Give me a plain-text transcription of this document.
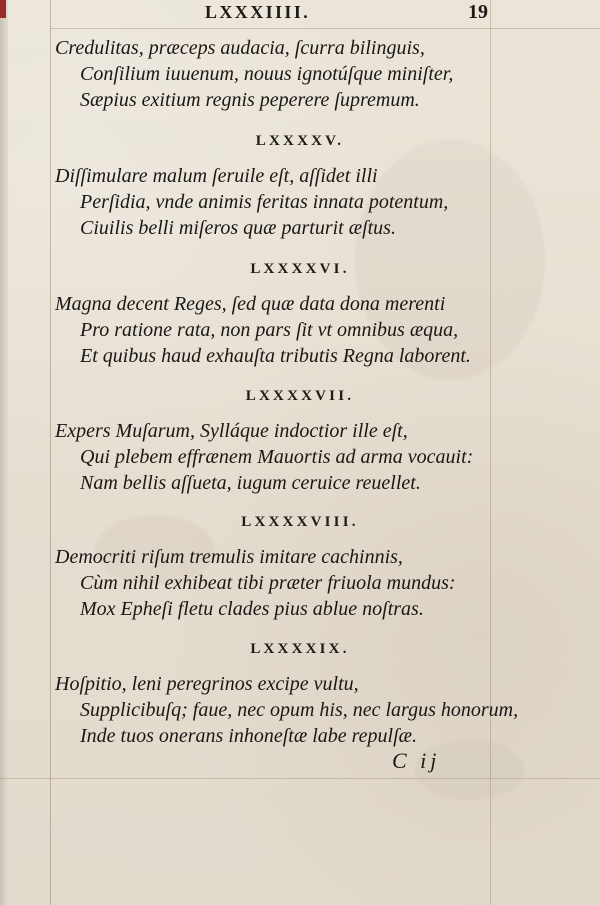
LXXXIIII.	19
Credulitas, præceps audacia, ſcurra bilinguis,
Conſilium iuuenum, nouus ignotúſque miniſter,
Sæpius exitium regnis peperere ſupremum.
LXXXXV.
Diſſimulare malum ſeruile eſt, aſſidet illi
Perſidia, vnde animis feritas innata potentum,
Ciuilis belli miſeros quæ parturit æſtus.
LXXXXVI.
Magna decent Reges, ſed quæ data dona merenti
Pro ratione rata, non pars ſit vt omnibus æqua,
Et quibus haud exhauſta tributis Regna laborent.
LXXXXVII.
Expers Muſarum, Sylláque indoctior ille eſt,
Qui plebem effrænem Mauortis ad arma vocauit:
Nam bellis aſſueta, iugum ceruice reuellet.
LXXXXVIII.
Democriti riſum tremulis imitare cachinnis,
Cùm nihil exhibeat tibi præter friuola mundus:
Mox Epheſi fletu clades pius ablue noſtras.
LXXXXIX.
Hoſpitio, leni peregrinos excipe vultu,
Supplicibuſq; faue, nec opum his, nec largus honorum,
Inde tuos onerans inhoneſtæ labe repulſæ.
C ij
